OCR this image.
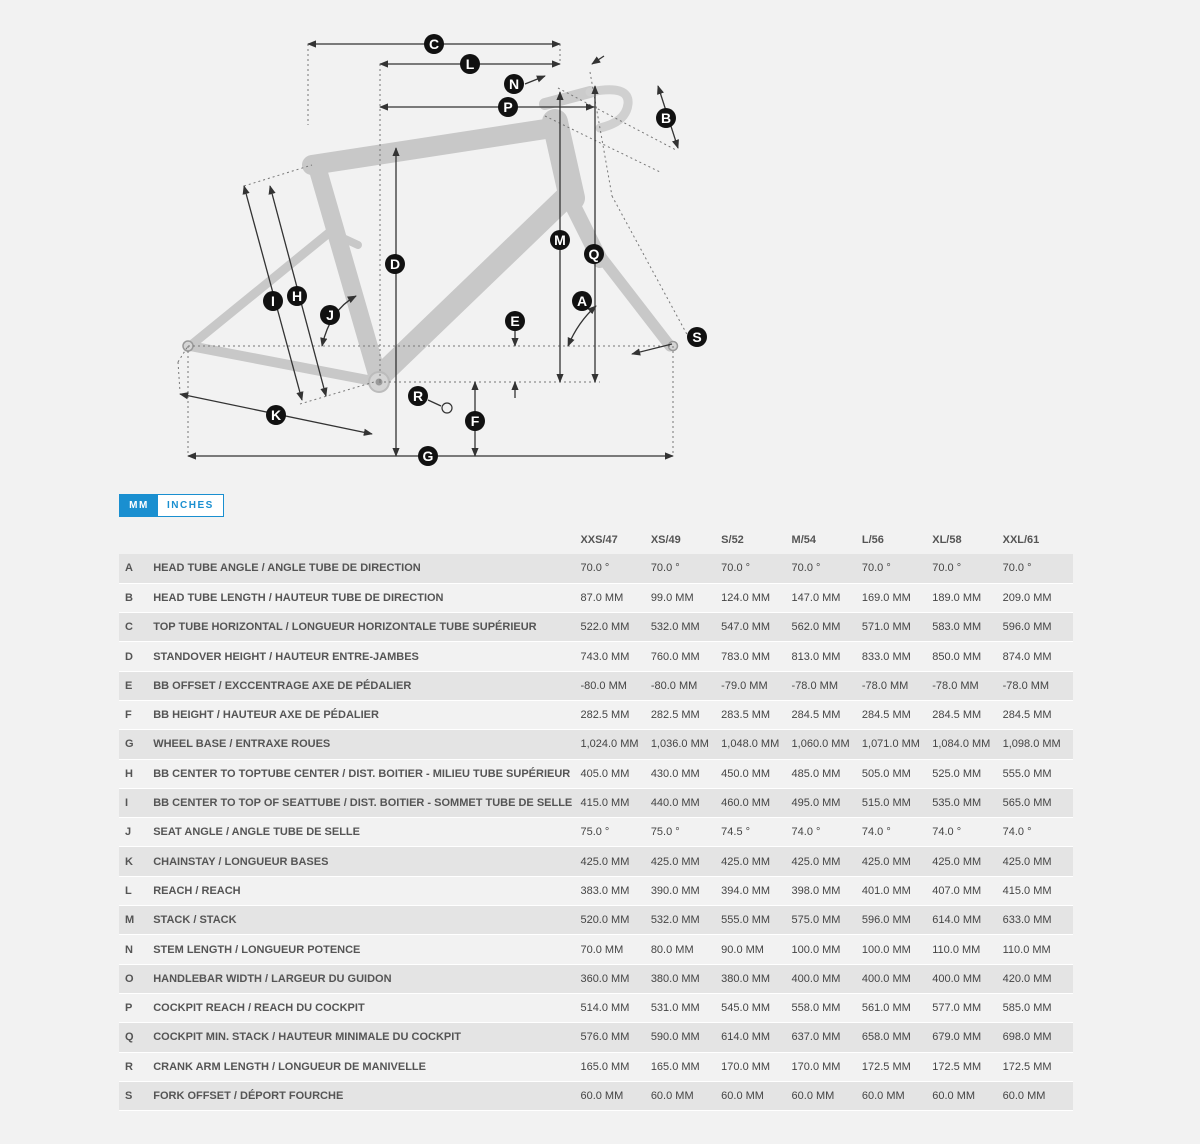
A
B
C
D
E
F
G
H
I
J
K
L
M
N
P
Q
R
S
MM	INCHES
		XXS/47	XS/49	S/52	M/54	L/56	XL/58	XXL/61
A	HEAD TUBE ANGLE / ANGLE TUBE DE DIRECTION	70.0 °	70.0 °	70.0 °	70.0 °	70.0 °	70.0 °	70.0 °
B	HEAD TUBE LENGTH / HAUTEUR TUBE DE DIRECTION	87.0 MM	99.0 MM	124.0 MM	147.0 MM	169.0 MM	189.0 MM	209.0 MM
C	TOP TUBE HORIZONTAL / LONGUEUR HORIZONTALE TUBE SUPÉRIEUR	522.0 MM	532.0 MM	547.0 MM	562.0 MM	571.0 MM	583.0 MM	596.0 MM
D	STANDOVER HEIGHT / HAUTEUR ENTRE-JAMBES	743.0 MM	760.0 MM	783.0 MM	813.0 MM	833.0 MM	850.0 MM	874.0 MM
E	BB OFFSET / EXCCENTRAGE AXE DE PÉDALIER	-80.0 MM	-80.0 MM	-79.0 MM	-78.0 MM	-78.0 MM	-78.0 MM	-78.0 MM
F	BB HEIGHT / HAUTEUR AXE DE PÉDALIER	282.5 MM	282.5 MM	283.5 MM	284.5 MM	284.5 MM	284.5 MM	284.5 MM
G	WHEEL BASE / ENTRAXE ROUES	1,024.0 MM	1,036.0 MM	1,048.0 MM	1,060.0 MM	1,071.0 MM	1,084.0 MM	1,098.0 MM
H	BB CENTER TO TOPTUBE CENTER / DIST. BOITIER - MILIEU TUBE SUPÉRIEUR	405.0 MM	430.0 MM	450.0 MM	485.0 MM	505.0 MM	525.0 MM	555.0 MM
I	BB CENTER TO TOP OF SEATTUBE / DIST. BOITIER - SOMMET TUBE DE SELLE	415.0 MM	440.0 MM	460.0 MM	495.0 MM	515.0 MM	535.0 MM	565.0 MM
J	SEAT ANGLE / ANGLE TUBE DE SELLE	75.0 °	75.0 °	74.5 °	74.0 °	74.0 °	74.0 °	74.0 °
K	CHAINSTAY / LONGUEUR BASES	425.0 MM	425.0 MM	425.0 MM	425.0 MM	425.0 MM	425.0 MM	425.0 MM
L	REACH / REACH	383.0 MM	390.0 MM	394.0 MM	398.0 MM	401.0 MM	407.0 MM	415.0 MM
M	STACK / STACK	520.0 MM	532.0 MM	555.0 MM	575.0 MM	596.0 MM	614.0 MM	633.0 MM
N	STEM LENGTH / LONGUEUR POTENCE	70.0 MM	80.0 MM	90.0 MM	100.0 MM	100.0 MM	110.0 MM	110.0 MM
O	HANDLEBAR WIDTH / LARGEUR DU GUIDON	360.0 MM	380.0 MM	380.0 MM	400.0 MM	400.0 MM	400.0 MM	420.0 MM
P	COCKPIT REACH / REACH DU COCKPIT	514.0 MM	531.0 MM	545.0 MM	558.0 MM	561.0 MM	577.0 MM	585.0 MM
Q	COCKPIT MIN. STACK / HAUTEUR MINIMALE DU COCKPIT	576.0 MM	590.0 MM	614.0 MM	637.0 MM	658.0 MM	679.0 MM	698.0 MM
R	CRANK ARM LENGTH / LONGUEUR DE MANIVELLE	165.0 MM	165.0 MM	170.0 MM	170.0 MM	172.5 MM	172.5 MM	172.5 MM
S	FORK OFFSET / DÉPORT FOURCHE	60.0 MM	60.0 MM	60.0 MM	60.0 MM	60.0 MM	60.0 MM	60.0 MM
